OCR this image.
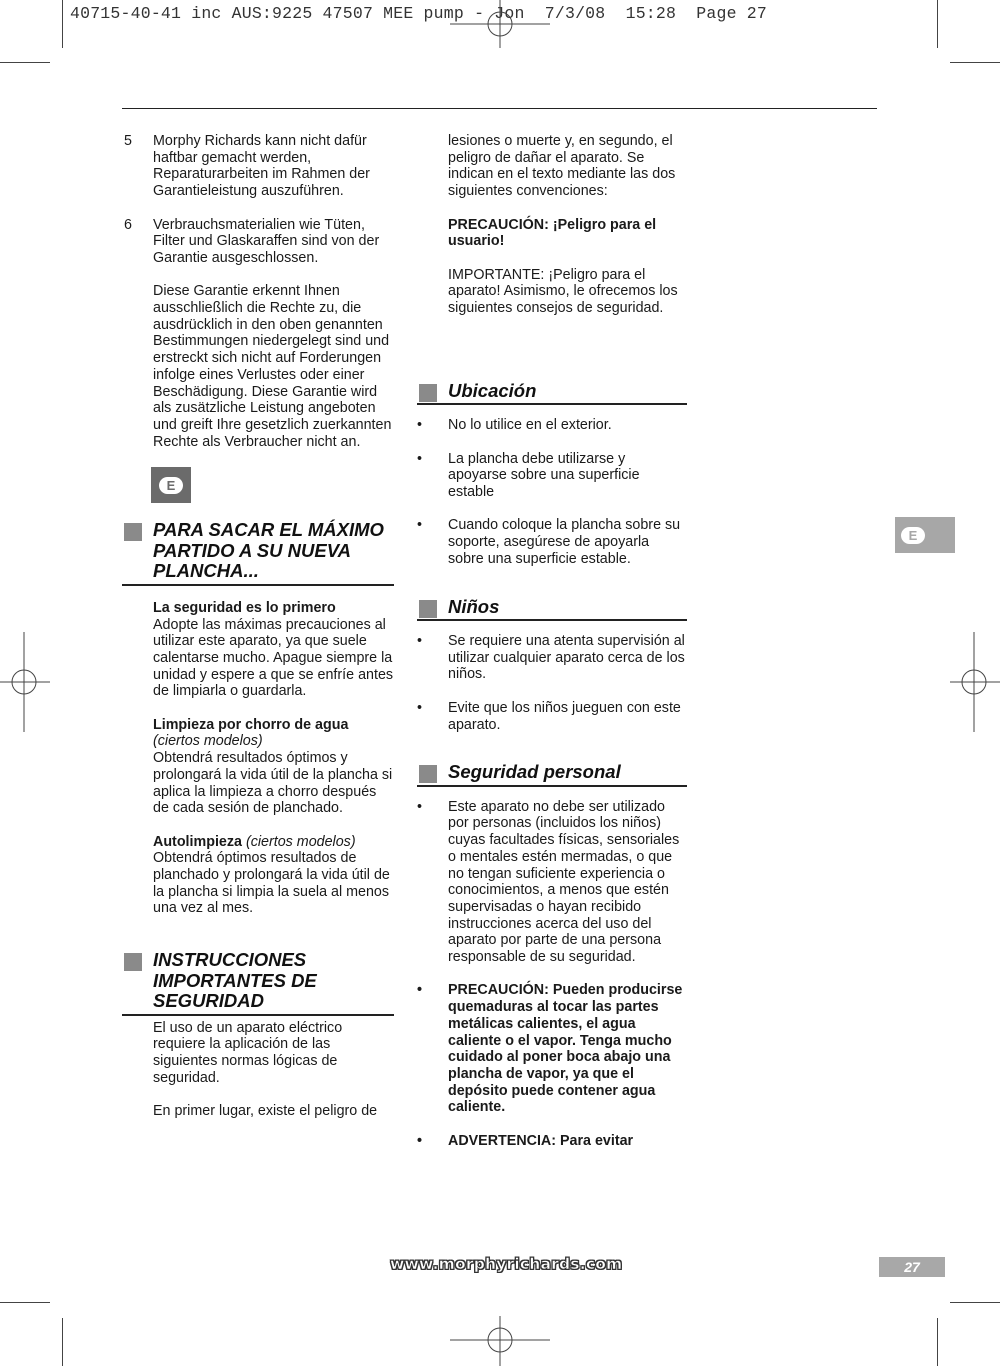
40715-40-41 inc AUS:9225 47507 MEE pump - Jon  7/3/08  15:28  Page 27
5 Morphy Richards kann nicht dafür haftbar gemacht werden, Reparaturarbeiten im Rahmen der Garantieleistung auszuführen.
6 Verbrauchsmaterialien wie Tüten, Filter und Glaskaraffen sind von der Garantie ausgeschlossen.
Diese Garantie erkennt Ihnen ausschließlich die Rechte zu, die ausdrücklich in den oben genannten Bestimmungen niedergelegt sind und erstreckt sich nicht auf Forderungen infolge eines Verlustes oder einer Beschädigung. Diese Garantie wird als zusätzliche Leistung angeboten und greift Ihre gesetzlich zuerkannten Rechte als Verbraucher nicht an.
E
PARA SACAR EL MÁXIMO PARTIDO A SU NUEVA PLANCHA...
La seguridad es lo primero
Adopte las máximas precauciones al utilizar este aparato, ya que suele calentarse mucho. Apague siempre la unidad y espere a que se enfríe antes de limpiarla o guardarla.
Limpieza por chorro de agua
(ciertos modelos)
Obtendrá resultados óptimos y prolongará la vida útil de la plancha si aplica la limpieza a chorro después de cada sesión de planchado.
Autolimpieza (ciertos modelos)
Obtendrá óptimos resultados de planchado y prolongará la vida útil de la plancha si limpia la suela al menos una vez al mes.
INSTRUCCIONES IMPORTANTES DE SEGURIDAD
El uso de un aparato eléctrico requiere la aplicación de las siguientes normas lógicas de seguridad.
En primer lugar, existe el peligro de
lesiones o muerte y, en segundo, el peligro de dañar el aparato. Se indican en el texto mediante las dos siguientes convenciones:
PRECAUCIÓN: ¡Peligro para el usuario!
IMPORTANTE: ¡Peligro para el aparato! Asimismo, le ofrecemos los siguientes consejos de seguridad.
Ubicación
• No lo utilice en el exterior.
• La plancha debe utilizarse y apoyarse sobre una superficie estable
• Cuando coloque la plancha sobre su soporte, asegúrese de apoyarla sobre una superficie estable.
Niños
• Se requiere una atenta supervisión al utilizar cualquier aparato cerca de los niños.
• Evite que los niños jueguen con este aparato.
Seguridad personal
• Este aparato no debe ser utilizado por personas (incluidos los niños) cuyas facultades físicas, sensoriales o mentales estén mermadas, o que no tengan suficiente experiencia o conocimientos, a menos que estén supervisadas o hayan recibido instrucciones acerca del uso del aparato por parte de una persona responsable de su seguridad.
• PRECAUCIÓN: Pueden producirse quemaduras al tocar las partes metálicas calientes, el agua caliente o el vapor. Tenga mucho cuidado al poner boca abajo una plancha de vapor, ya que el depósito puede contener agua caliente.
• ADVERTENCIA: Para evitar
E
www.morphyrichards.com	27
